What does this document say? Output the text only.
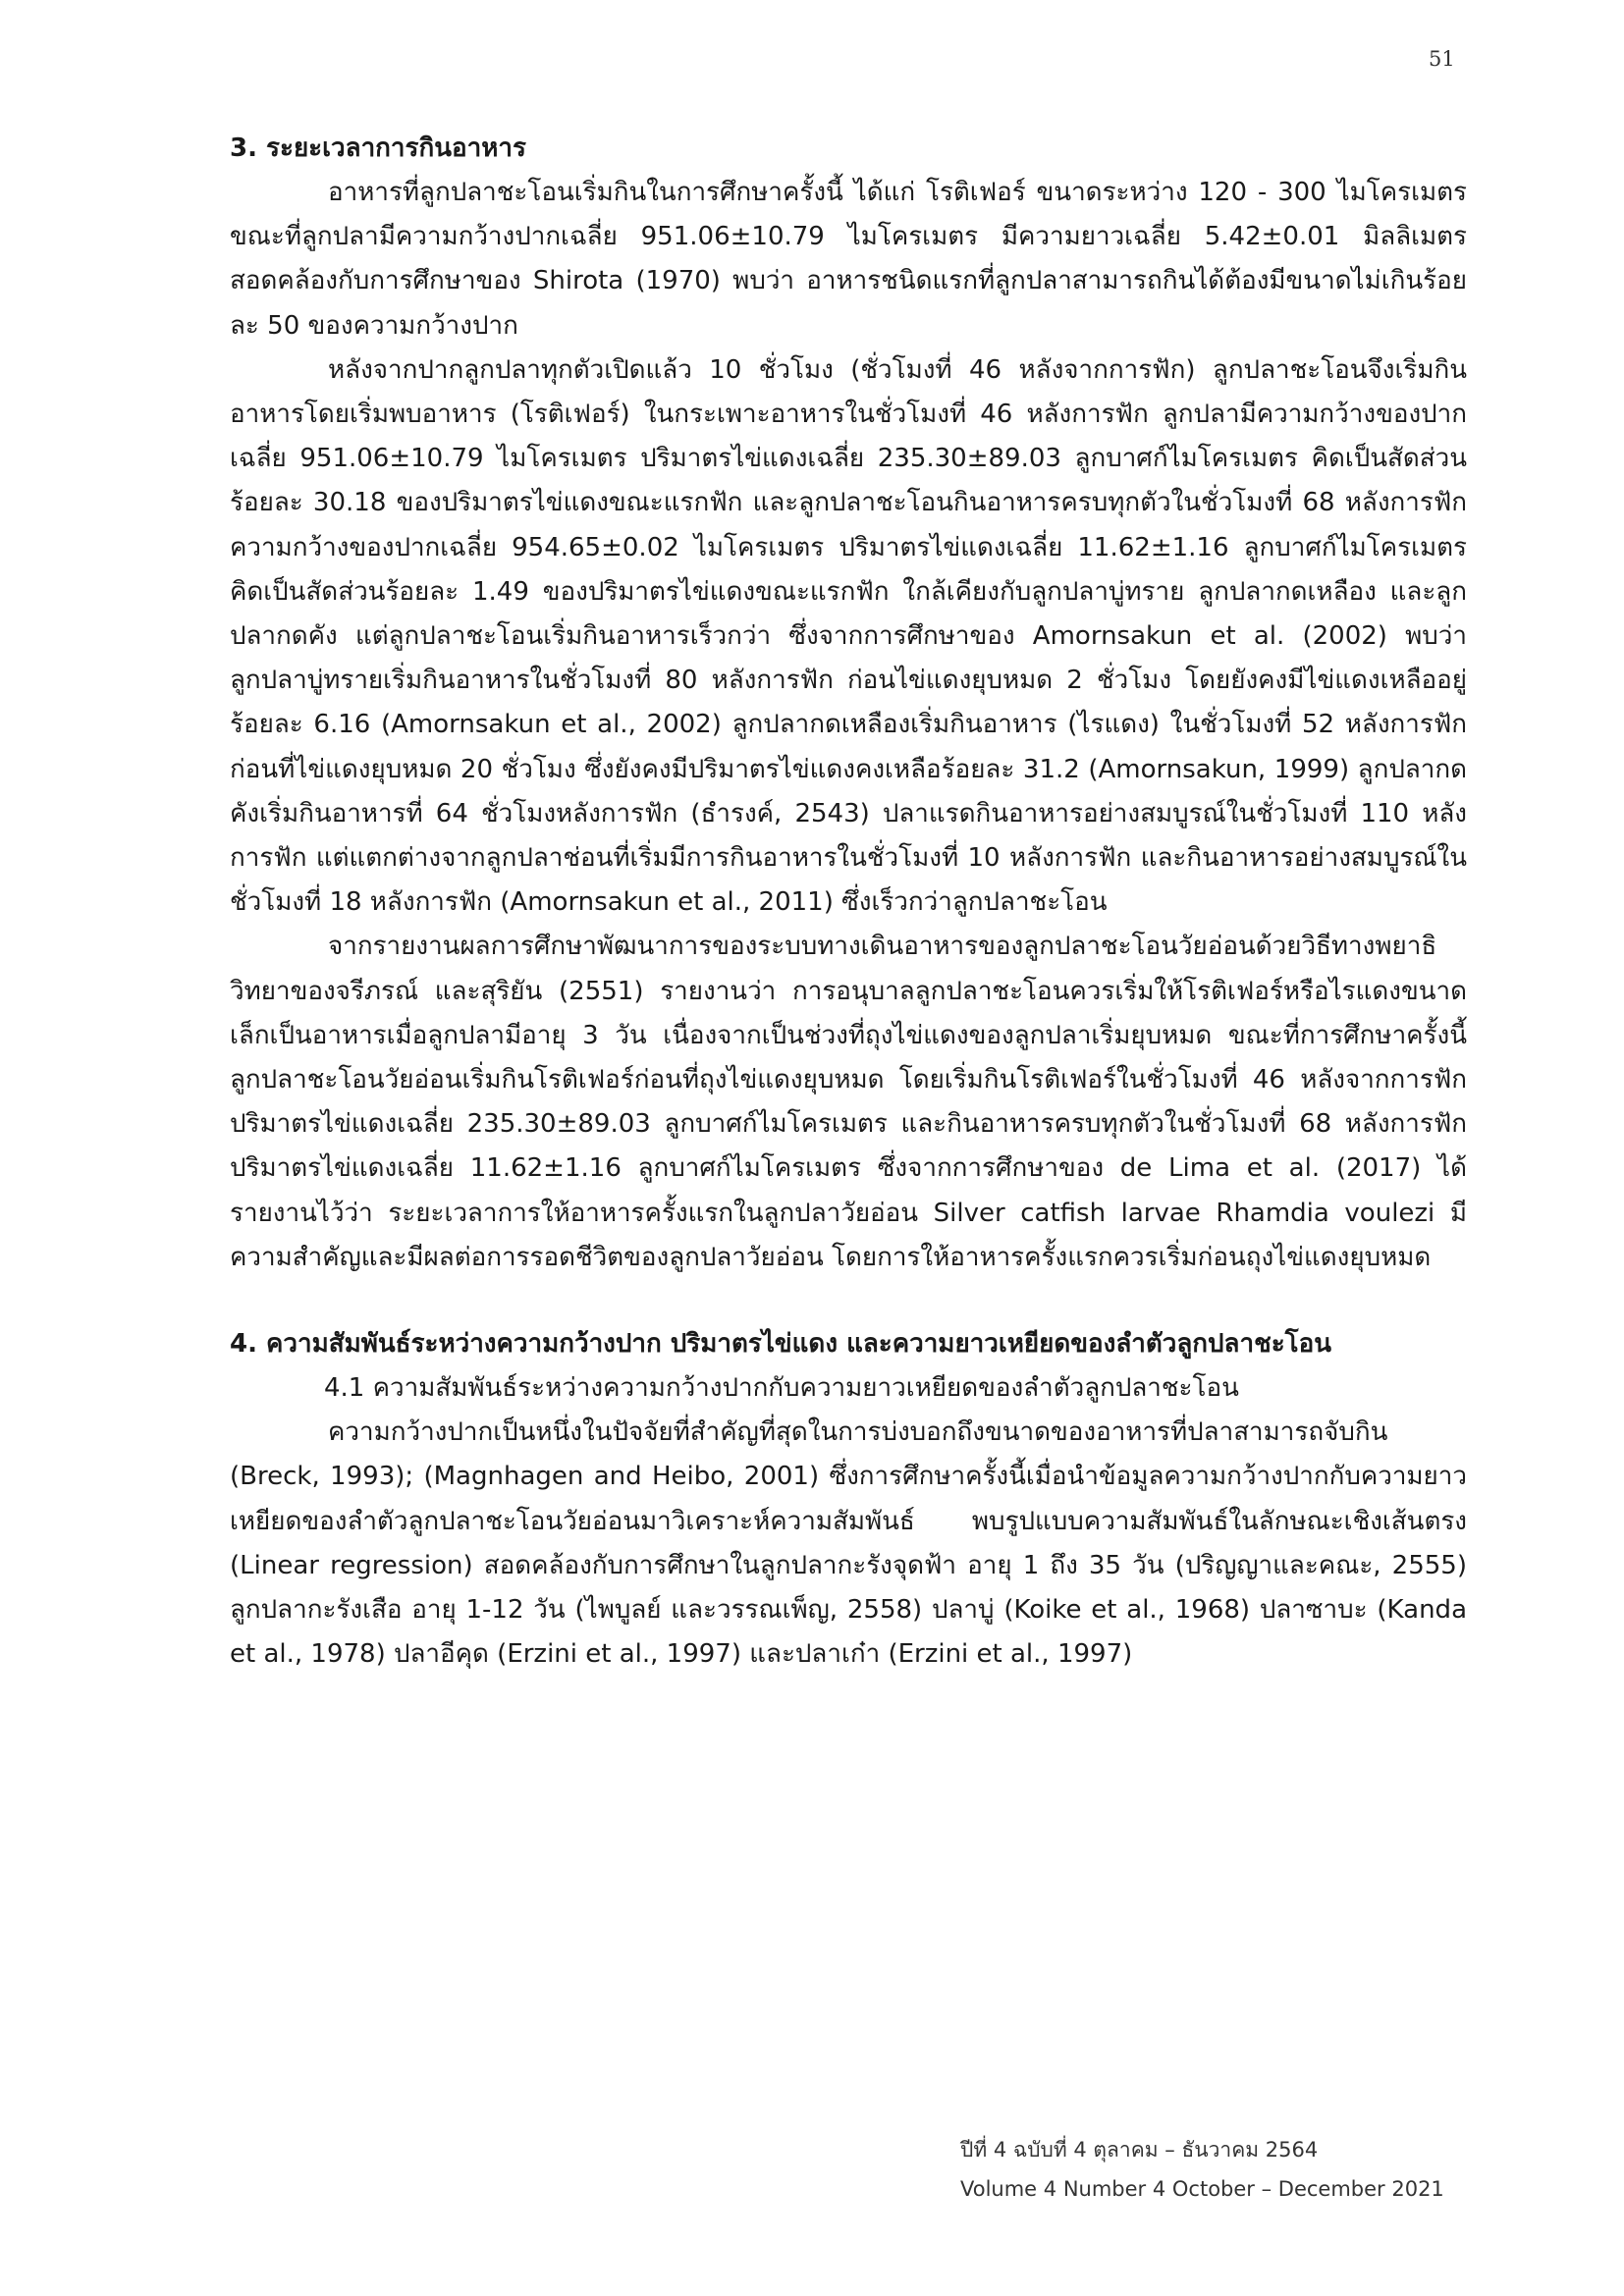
51

3. ระยะเวลาการกินอาหาร

อาหารที่ลูกปลาชะโอนเริ่มกินในการศึกษาครั้งนี้ ได้แก่ โรติเฟอร์ ขนาดระหว่าง 120 - 300 ไมโครเมตร ขณะที่ลูกปลามีความกว้างปากเฉลี่ย 951.06±10.79 ไมโครเมตร มีความยาวเฉลี่ย 5.42±0.01 มิลลิเมตร สอดคล้องกับการศึกษาของ Shirota (1970) พบว่า อาหารชนิดแรกที่ลูกปลาสามารถกินได้ต้องมีขนาดไม่เกินร้อยละ 50 ของความกว้างปาก

หลังจากปากลูกปลาทุกตัวเปิดแล้ว 10 ชั่วโมง (ชั่วโมงที่ 46 หลังจากการฟัก) ลูกปลาชะโอนจึงเริ่มกินอาหารโดยเริ่มพบอาหาร (โรติเฟอร์) ในกระเพาะอาหารในชั่วโมงที่ 46 หลังการฟัก ลูกปลามีความกว้างของปากเฉลี่ย 951.06±10.79 ไมโครเมตร ปริมาตรไข่แดงเฉลี่ย 235.30±89.03 ลูกบาศก์ไมโครเมตร คิดเป็นสัดส่วนร้อยละ 30.18 ของปริมาตรไข่แดงขณะแรกฟัก และลูกปลาชะโอนกินอาหารครบทุกตัวในชั่วโมงที่ 68 หลังการฟัก ความกว้างของปากเฉลี่ย 954.65±0.02 ไมโครเมตร ปริมาตรไข่แดงเฉลี่ย 11.62±1.16 ลูกบาศก์ไมโครเมตร คิดเป็นสัดส่วนร้อยละ 1.49 ของปริมาตรไข่แดงขณะแรกฟัก ใกล้เคียงกับลูกปลาบู่ทราย ลูกปลากดเหลือง และลูกปลากดคัง แต่ลูกปลาชะโอนเริ่มกินอาหารเร็วกว่า ซึ่งจากการศึกษาของ Amornsakun et al. (2002) พบว่า ลูกปลาบู่ทรายเริ่มกินอาหารในชั่วโมงที่ 80 หลังการฟัก ก่อนไข่แดงยุบหมด 2 ชั่วโมง โดยยังคงมีไข่แดงเหลืออยู่ร้อยละ 6.16 (Amornsakun et al., 2002) ลูกปลากดเหลืองเริ่มกินอาหาร (ไรแดง) ในชั่วโมงที่ 52 หลังการฟัก ก่อนที่ไข่แดงยุบหมด 20 ชั่วโมง ซึ่งยังคงมีปริมาตรไข่แดงคงเหลือร้อยละ 31.2 (Amornsakun, 1999) ลูกปลากดคังเริ่มกินอาหารที่ 64 ชั่วโมงหลังการฟัก (ธำรงค์, 2543) ปลาแรดกินอาหารอย่างสมบูรณ์ในชั่วโมงที่ 110 หลังการฟัก แต่แตกต่างจากลูกปลาช่อนที่เริ่มมีการกินอาหารในชั่วโมงที่ 10 หลังการฟัก และกินอาหารอย่างสมบูรณ์ในชั่วโมงที่ 18 หลังการฟัก (Amornsakun et al., 2011) ซึ่งเร็วกว่าลูกปลาชะโอน

จากรายงานผลการศึกษาพัฒนาการของระบบทางเดินอาหารของลูกปลาชะโอนวัยอ่อนด้วยวิธีทางพยาธิวิทยาของจรีภรณ์ และสุริยัน (2551) รายงานว่า การอนุบาลลูกปลาชะโอนควรเริ่มให้โรติเฟอร์หรือไรแดงขนาดเล็กเป็นอาหารเมื่อลูกปลามีอายุ 3 วัน เนื่องจากเป็นช่วงที่ถุงไข่แดงของลูกปลาเริ่มยุบหมด ขณะที่การศึกษาครั้งนี้ ลูกปลาชะโอนวัยอ่อนเริ่มกินโรติเฟอร์ก่อนที่ถุงไข่แดงยุบหมด โดยเริ่มกินโรติเฟอร์ในชั่วโมงที่ 46 หลังจากการฟัก ปริมาตรไข่แดงเฉลี่ย 235.30±89.03 ลูกบาศก์ไมโครเมตร และกินอาหารครบทุกตัวในชั่วโมงที่ 68 หลังการฟัก ปริมาตรไข่แดงเฉลี่ย 11.62±1.16 ลูกบาศก์ไมโครเมตร ซึ่งจากการศึกษาของ de Lima et al. (2017) ได้รายงานไว้ว่า ระยะเวลาการให้อาหารครั้งแรกในลูกปลาวัยอ่อน Silver catfish larvae Rhamdia voulezi มีความสำคัญและมีผลต่อการรอดชีวิตของลูกปลาวัยอ่อน โดยการให้อาหารครั้งแรกควรเริ่มก่อนถุงไข่แดงยุบหมด

4. ความสัมพันธ์ระหว่างความกว้างปาก ปริมาตรไข่แดง และความยาวเหยียดของลำตัวลูกปลาชะโอน

4.1 ความสัมพันธ์ระหว่างความกว้างปากกับความยาวเหยียดของลำตัวลูกปลาชะโอน

ความกว้างปากเป็นหนึ่งในปัจจัยที่สำคัญที่สุดในการบ่งบอกถึงขนาดของอาหารที่ปลาสามารถจับกิน (Breck, 1993); (Magnhagen and Heibo, 2001) ซึ่งการศึกษาครั้งนี้เมื่อนำข้อมูลความกว้างปากกับความยาวเหยียดของลำตัวลูกปลาชะโอนวัยอ่อนมาวิเคราะห์ความสัมพันธ์ พบรูปแบบความสัมพันธ์ในลักษณะเชิงเส้นตรง (Linear regression) สอดคล้องกับการศึกษาในลูกปลากะรังจุดฟ้า อายุ 1 ถึง 35 วัน (ปริญญาและคณะ, 2555) ลูกปลากะรังเสือ อายุ 1-12 วัน (ไพบูลย์ และวรรณเพ็ญ, 2558) ปลาบู่ (Koike et al., 1968) ปลาซาบะ (Kanda et al., 1978) ปลาอีคุด (Erzini et al., 1997) และปลาเก๋า (Erzini et al., 1997)

ปีที่ 4 ฉบับที่ 4 ตุลาคม – ธันวาคม 2564
Volume 4 Number 4 October – December 2021
